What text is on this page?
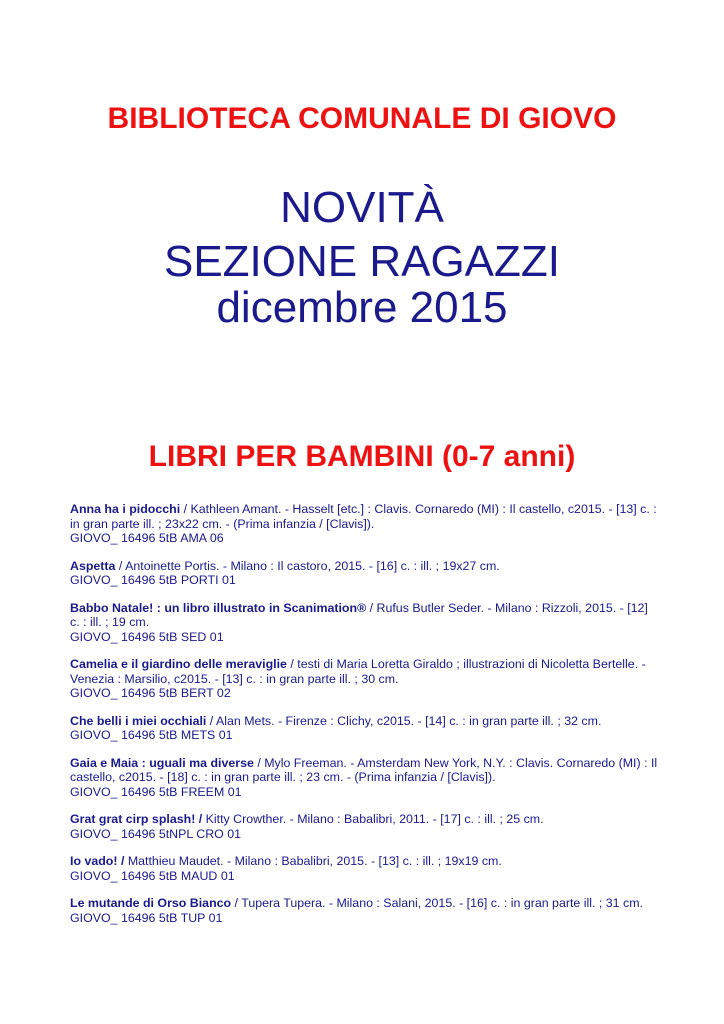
BIBLIOTECA COMUNALE DI GIOVO
NOVITÀ
SEZIONE RAGAZZI
dicembre 2015
LIBRI PER BAMBINI (0-7 anni)
Anna ha i pidocchi / Kathleen Amant. - Hasselt [etc.] : Clavis. Cornaredo (MI) : Il castello, c2015. - [13] c. : in gran parte ill. ; 23x22 cm. - (Prima infanzia / [Clavis]).
GIOVO_ 16496 5tB AMA 06
Aspetta / Antoinette Portis. - Milano : Il castoro, 2015. - [16] c. : ill. ; 19x27 cm.
GIOVO_ 16496 5tB PORTI 01
Babbo Natale! : un libro illustrato in Scanimation® / Rufus Butler Seder. - Milano : Rizzoli, 2015. - [12] c. : ill. ; 19 cm.
GIOVO_ 16496 5tB SED 01
Camelia e il giardino delle meraviglie / testi di Maria Loretta Giraldo ; illustrazioni di Nicoletta Bertelle. - Venezia : Marsilio, c2015. - [13] c. : in gran parte ill. ; 30 cm.
GIOVO_ 16496 5tB BERT 02
Che belli i miei occhiali / Alan Mets. - Firenze : Clichy, c2015. - [14] c. : in gran parte ill. ; 32 cm.
GIOVO_ 16496 5tB METS 01
Gaia e Maia : uguali ma diverse / Mylo Freeman. - Amsterdam New York, N.Y. : Clavis. Cornaredo (MI) : Il castello, c2015. - [18] c. : in gran parte ill. ; 23 cm. - (Prima infanzia / [Clavis]).
GIOVO_ 16496 5tB FREEM 01
Grat grat cirp splash! / Kitty Crowther. - Milano : Babalibri, 2011. - [17] c. : ill. ; 25 cm.
GIOVO_ 16496 5tNPL CRO 01
Io vado! / Matthieu Maudet. - Milano : Babalibri, 2015. - [13] c. : ill. ; 19x19 cm.
GIOVO_ 16496 5tB MAUD 01
Le mutande di Orso Bianco / Tupera Tupera. - Milano : Salani, 2015. - [16] c. : in gran parte ill. ; 31 cm.
GIOVO_ 16496 5tB TUP 01
